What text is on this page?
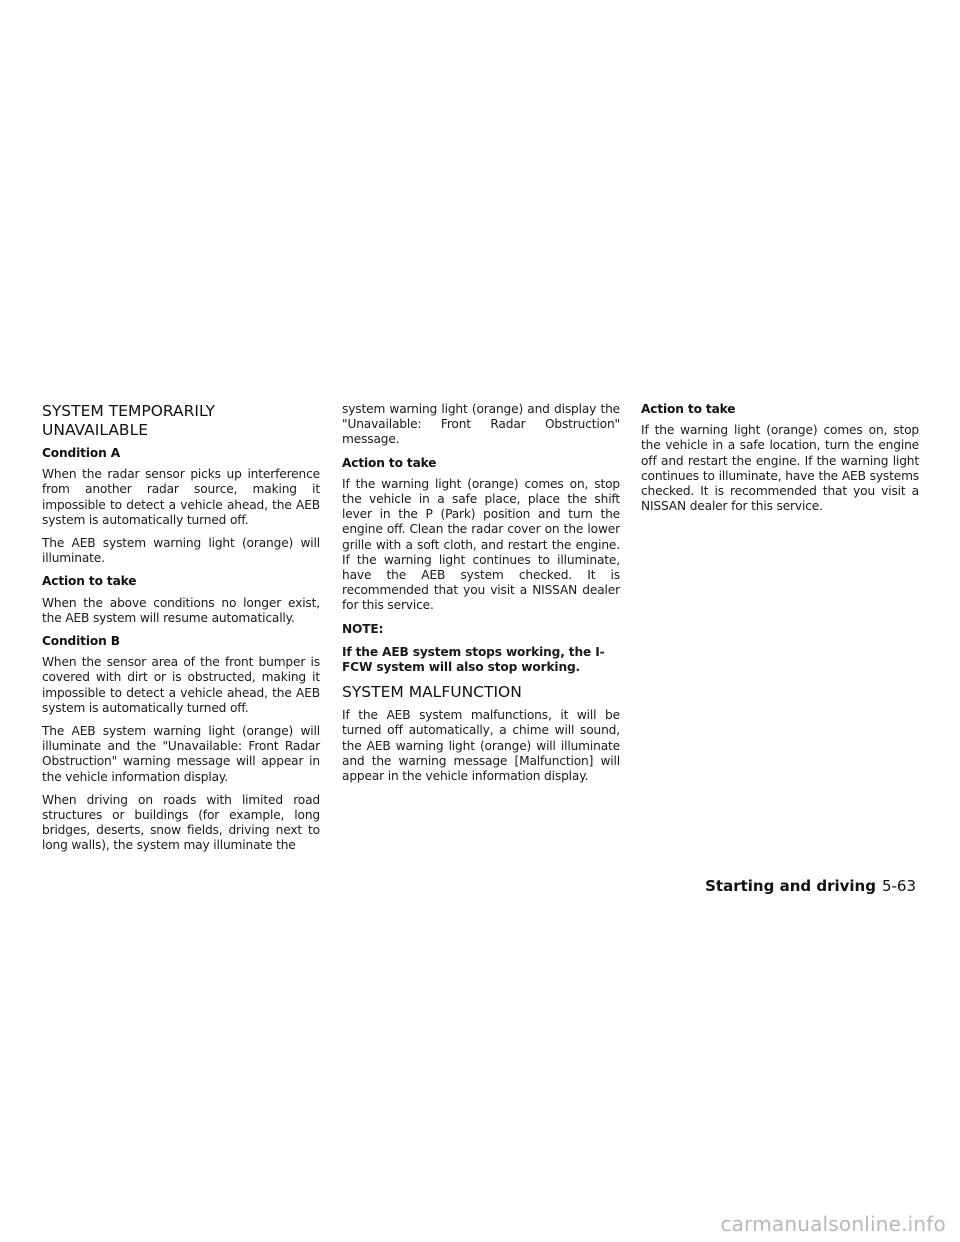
SYSTEM TEMPORARILY UNAVAILABLE
Condition A

When the radar sensor picks up interference from another radar source, making it impossible to detect a vehicle ahead, the AEB system is automatically turned off.

The AEB system warning light (orange) will illuminate.

Action to take

When the above conditions no longer exist, the AEB system will resume automatically.

Condition B

When the sensor area of the front bumper is covered with dirt or is obstructed, making it impossible to detect a vehicle ahead, the AEB system is automatically turned off.

The AEB system warning light (orange) will illuminate and the "Unavailable: Front Radar Obstruction" warning message will appear in the vehicle information display.

When driving on roads with limited road structures or buildings (for example, long bridges, deserts, snow fields, driving next to long walls), the system may illuminate the

system warning light (orange) and display the "Unavailable: Front Radar Obstruction" message.

Action to take

If the warning light (orange) comes on, stop the vehicle in a safe place, place the shift lever in the P (Park) position and turn the engine off. Clean the radar cover on the lower grille with a soft cloth, and restart the engine. If the warning light continues to illuminate, have the AEB system checked. It is recommended that you visit a NISSAN dealer for this service.

NOTE:

If the AEB system stops working, the I-FCW system will also stop working.

SYSTEM MALFUNCTION

If the AEB system malfunctions, it will be turned off automatically, a chime will sound, the AEB warning light (orange) will illuminate and the warning message [Malfunction] will appear in the vehicle information display.

Action to take

If the warning light (orange) comes on, stop the vehicle in a safe location, turn the engine off and restart the engine. If the warning light continues to illuminate, have the AEB systems checked. It is recommended that you visit a NISSAN dealer for this service.

Starting and driving 5-63
carmanualsonline.info
